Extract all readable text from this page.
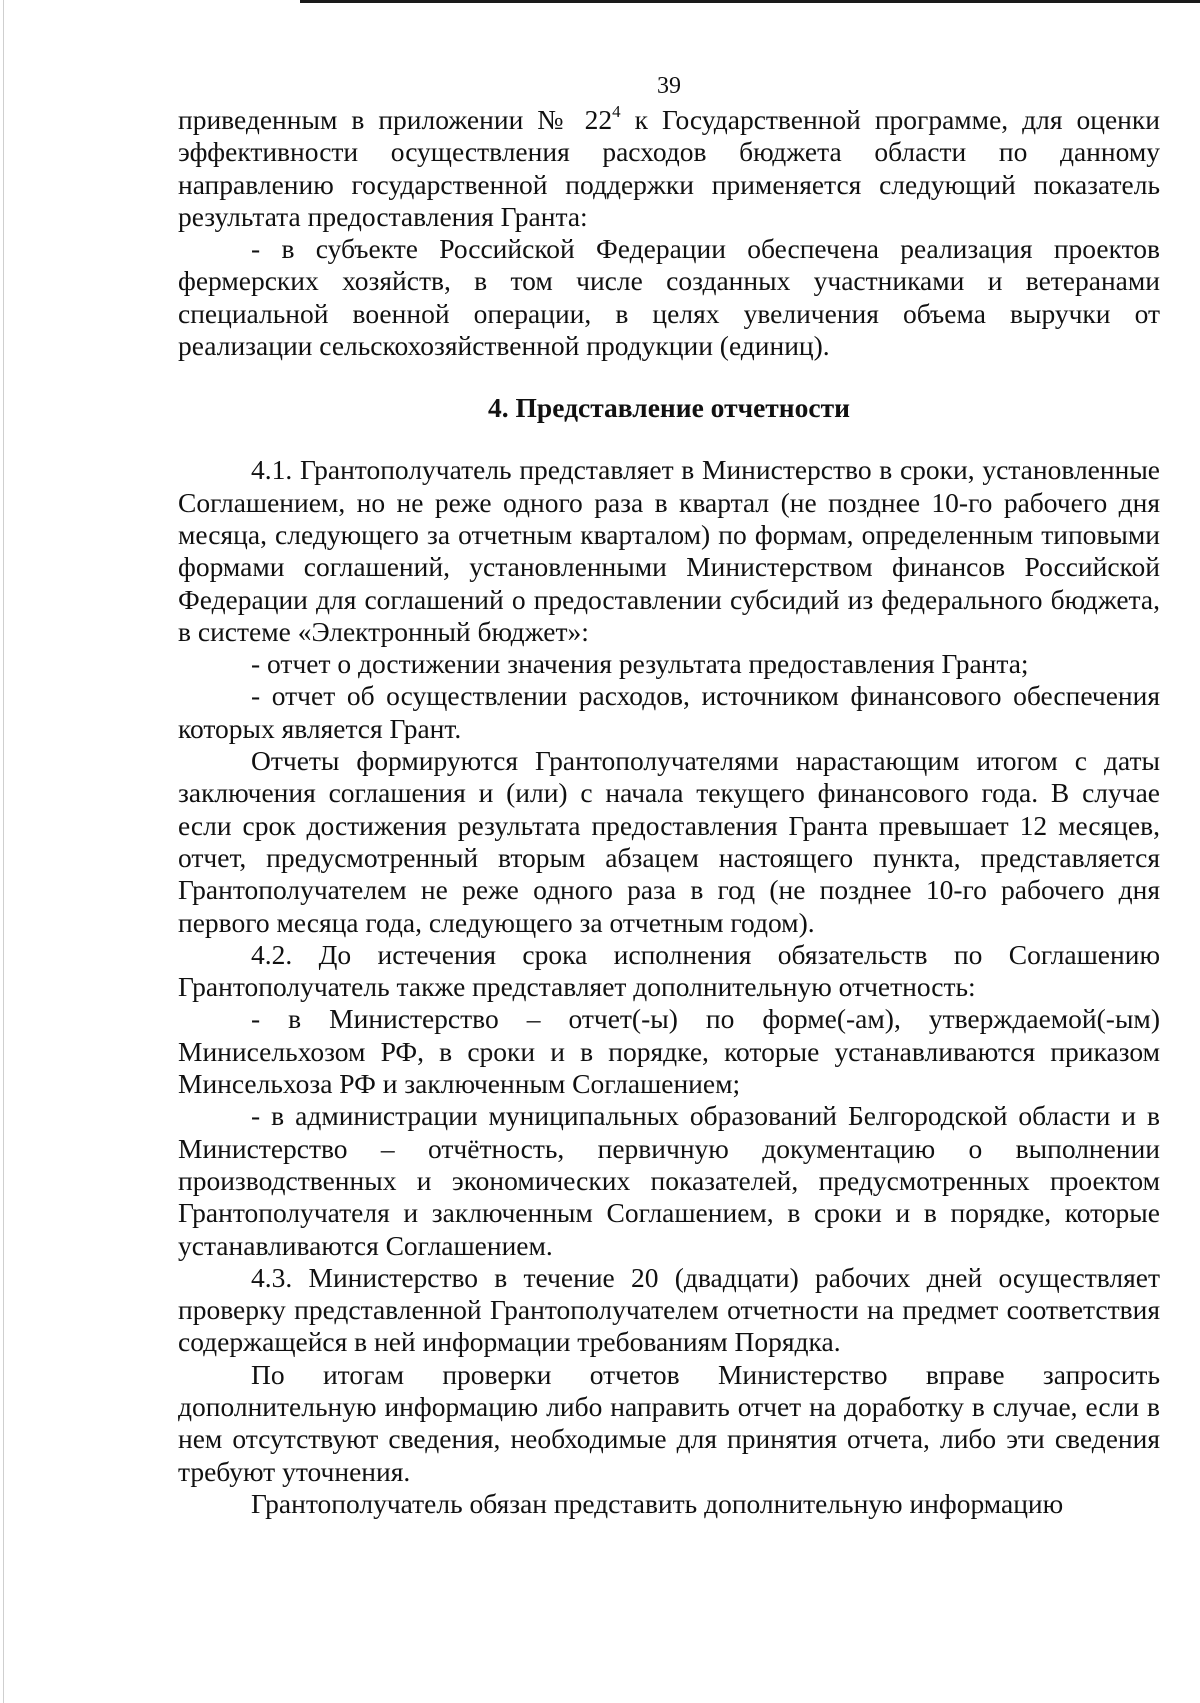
39

приведенным в приложении № $22^4$ к Государственной программе, для оценки эффективности осуществления расходов бюджета области по данному направлению государственной поддержки применяется следующий показатель результата предоставления Гранта:

- в субъекте Российской Федерации обеспечена реализация проектов фермерских хозяйств, в том числе созданных участниками и ветеранами специальной военной операции, в целях увеличения объема выручки от реализации сельскохозяйственной продукции (единиц).

4. Представление отчетности

4.1. Грантополучатель представляет в Министерство в сроки, установленные Соглашением, но не реже одного раза в квартал (не позднее 10-го рабочего дня месяца, следующего за отчетным кварталом) по формам, определенным типовыми формами соглашений, установленными Министерством финансов Российской Федерации для соглашений о предоставлении субсидий из федерального бюджета, в системе «Электронный бюджет»:

- отчет о достижении значения результата предоставления Гранта;

- отчет об осуществлении расходов, источником финансового обеспечения которых является Грант.

Отчеты формируются Грантополучателями нарастающим итогом с даты заключения соглашения и (или) с начала текущего финансового года. В случае если срок достижения результата предоставления Гранта превышает 12 месяцев, отчет, предусмотренный вторым абзацем настоящего пункта, представляется Грантополучателем не реже одного раза в год (не позднее 10-го рабочего дня первого месяца года, следующего за отчетным годом).

4.2. До истечения срока исполнения обязательств по Соглашению Грантополучатель также представляет дополнительную отчетность:

- в Министерство – отчет(-ы) по форме(-ам), утверждаемой(-ым) Минисельхозом РФ, в сроки и в порядке, которые устанавливаются приказом Минсельхоза РФ и заключенным Соглашением;

- в администрации муниципальных образований Белгородской области и в Министерство – отчётность, первичную документацию о выполнении производственных и экономических показателей, предусмотренных проектом Грантополучателя и заключенным Соглашением, в сроки и в порядке, которые устанавливаются Соглашением.

4.3. Министерство в течение 20 (двадцати) рабочих дней осуществляет проверку представленной Грантополучателем отчетности на предмет соответствия содержащейся в ней информации требованиям Порядка.

По итогам проверки отчетов Министерство вправе запросить дополнительную информацию либо направить отчет на доработку в случае, если в нем отсутствуют сведения, необходимые для принятия отчета, либо эти сведения требуют уточнения.

Грантополучатель обязан представить дополнительную информацию
